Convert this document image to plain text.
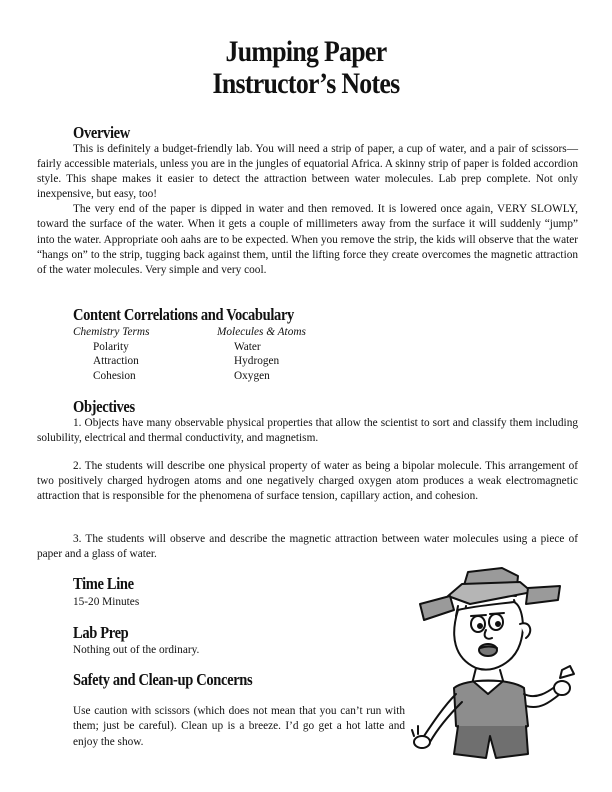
Jumping Paper
Instructor’s Notes
Overview

This is definitely a budget-friendly lab. You will need a strip of paper, a cup of water, and a pair of scissors—fairly accessible materials, unless you are in the jungles of equatorial Africa. A skinny strip of paper is folded accordion style. This shape makes it easier to detect the attraction between water molecules. Lab prep complete. Not only inexpensive, but easy, too!

The very end of the paper is dipped in water and then removed. It is lowered once again, VERY SLOWLY, toward the surface of the water. When it gets a couple of millimeters away from the surface it will suddenly “jump” into the water. Appropriate ooh aahs are to be expected. When you remove the strip, the kids will observe that the water “hangs on” to the strip, tugging back against them, until the lifting force they create overcomes the magnetic attraction of the water molecules. Very simple and very cool.

Content Correlations and Vocabulary
Chemistry Terms
Polarity
Attraction
Cohesion
Molecules & Atoms
Water
Hydrogen
Oxygen
Objectives

1. Objects have many observable physical properties that allow the scientist to sort and classify them including solubility, electrical and thermal conductivity, and magnetism.

2. The students will describe one physical property of water as being a bipolar molecule. This arrangement of two positively charged hydrogen atoms and one negatively charged oxygen atom produces a weak electromagnetic attraction that is responsible for the phenomena of surface tension, capillary action, and cohesion.

3. The students will observe and describe the magnetic attraction between water molecules using a piece of paper and a glass of water.

Time Line
15-20 Minutes
Lab Prep
Nothing out of the ordinary.
Safety and Clean-up Concerns
Use caution with scissors (which does not mean that you can’t run with them; just be careful). Clean up is a breeze. I’d go get a hot latte and enjoy the show.
